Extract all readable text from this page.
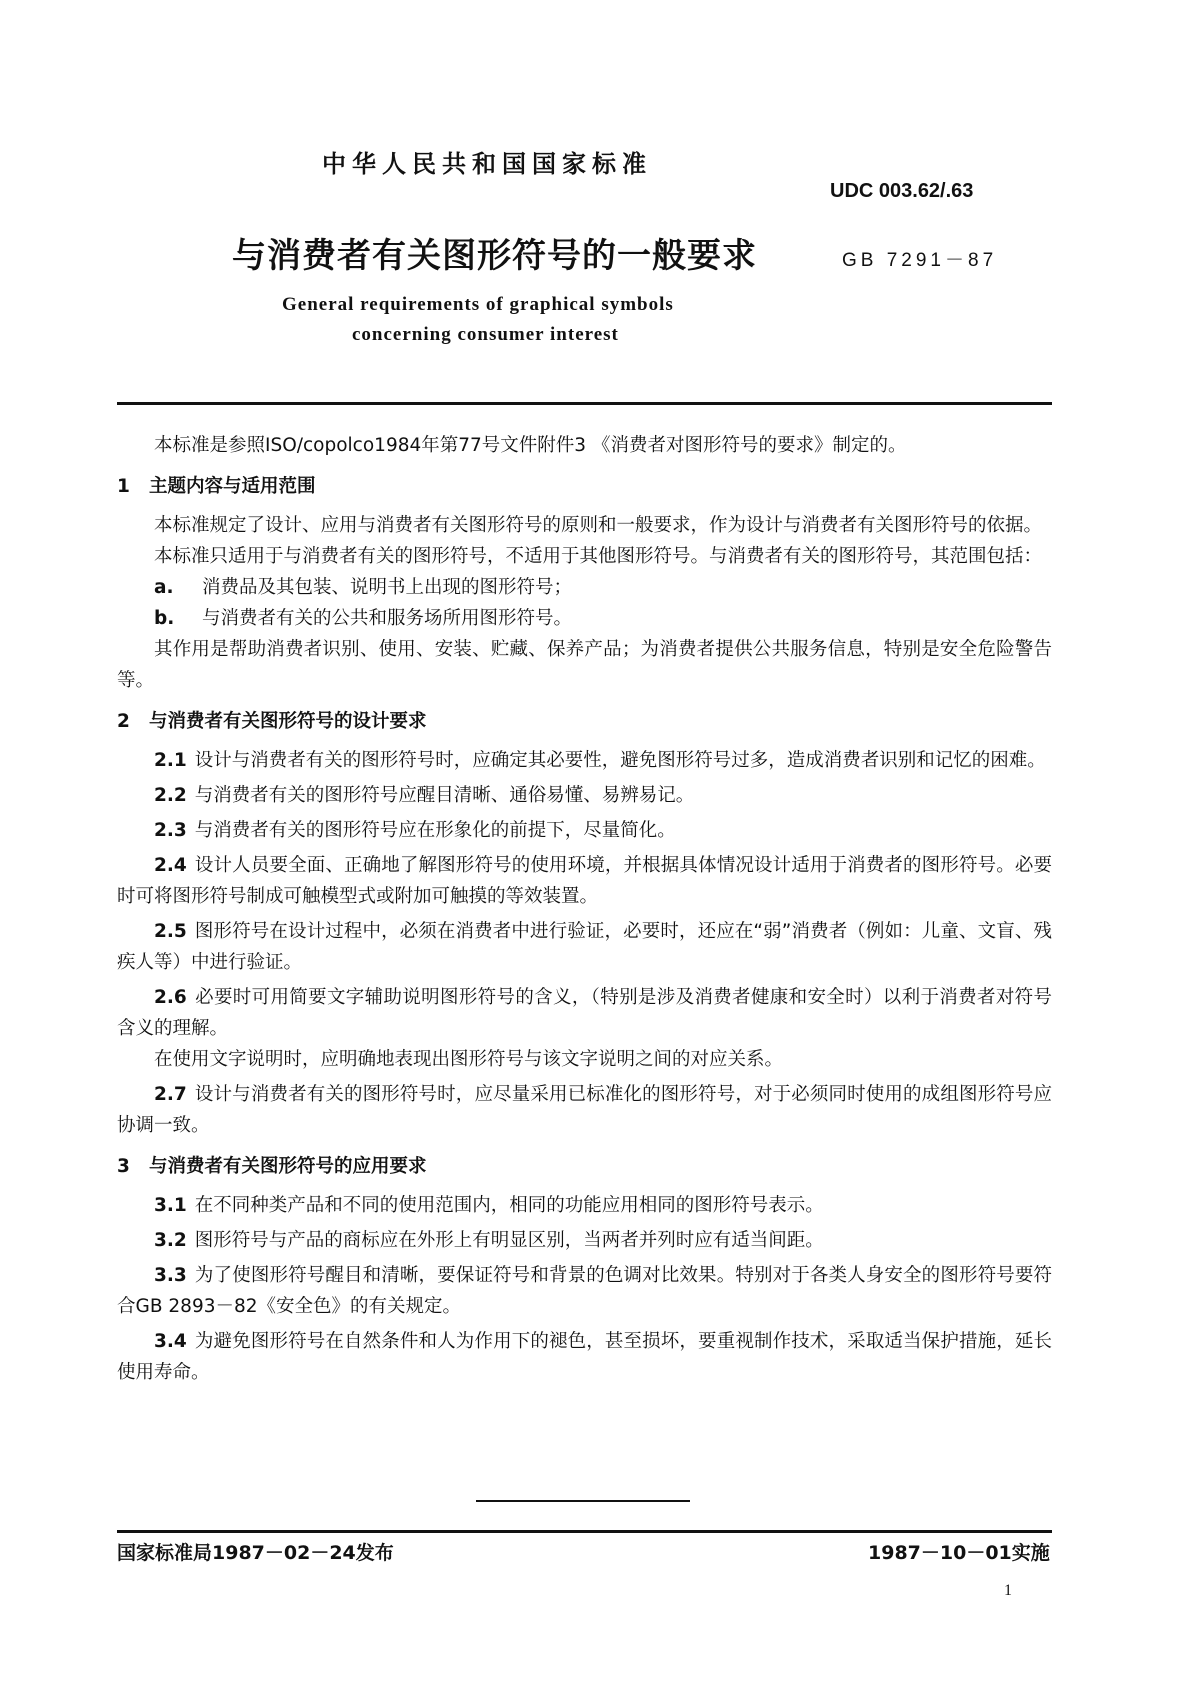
中华人民共和国国家标准
UDC 003.62/.63
与消费者有关图形符号的一般要求	GB 7291－87
General requirements of graphical symbols
concerning consumer interest

本标准是参照ISO/copolco1984年第77号文件附件3 《消费者对图形符号的要求》制定的。

1 主题内容与适用范围

本标准规定了设计、应用与消费者有关图形符号的原则和一般要求，作为设计与消费者有关图形符号的依据。

本标准只适用于与消费者有关的图形符号，不适用于其他图形符号。与消费者有关的图形符号，其范围包括：

a. 消费品及其包装、说明书上出现的图形符号；

b. 与消费者有关的公共和服务场所用图形符号。

其作用是帮助消费者识别、使用、安装、贮藏、保养产品；为消费者提供公共服务信息，特别是安全危险警告等。

2 与消费者有关图形符号的设计要求

2.1 设计与消费者有关的图形符号时，应确定其必要性，避免图形符号过多，造成消费者识别和记忆的困难。

2.2 与消费者有关的图形符号应醒目清晰、通俗易懂、易辨易记。

2.3 与消费者有关的图形符号应在形象化的前提下，尽量简化。

2.4 设计人员要全面、正确地了解图形符号的使用环境，并根据具体情况设计适用于消费者的图形符号。必要时可将图形符号制成可触模型式或附加可触摸的等效装置。

2.5 图形符号在设计过程中，必须在消费者中进行验证，必要时，还应在“弱”消费者（例如：儿童、文盲、残疾人等）中进行验证。

2.6 必要时可用简要文字辅助说明图形符号的含义，（特别是涉及消费者健康和安全时）以利于消费者对符号含义的理解。

在使用文字说明时，应明确地表现出图形符号与该文字说明之间的对应关系。

2.7 设计与消费者有关的图形符号时，应尽量采用已标准化的图形符号，对于必须同时使用的成组图形符号应协调一致。

3 与消费者有关图形符号的应用要求

3.1 在不同种类产品和不同的使用范围内，相同的功能应用相同的图形符号表示。

3.2 图形符号与产品的商标应在外形上有明显区别，当两者并列时应有适当间距。

3.3 为了使图形符号醒目和清晰，要保证符号和背景的色调对比效果。特别对于各类人身安全的图形符号要符合GB 2893－82《安全色》的有关规定。

3.4 为避免图形符号在自然条件和人为作用下的褪色，甚至损坏，要重视制作技术，采取适当保护措施，延长使用寿命。

国家标准局1987－02－24发布	1987－10－01实施
1
